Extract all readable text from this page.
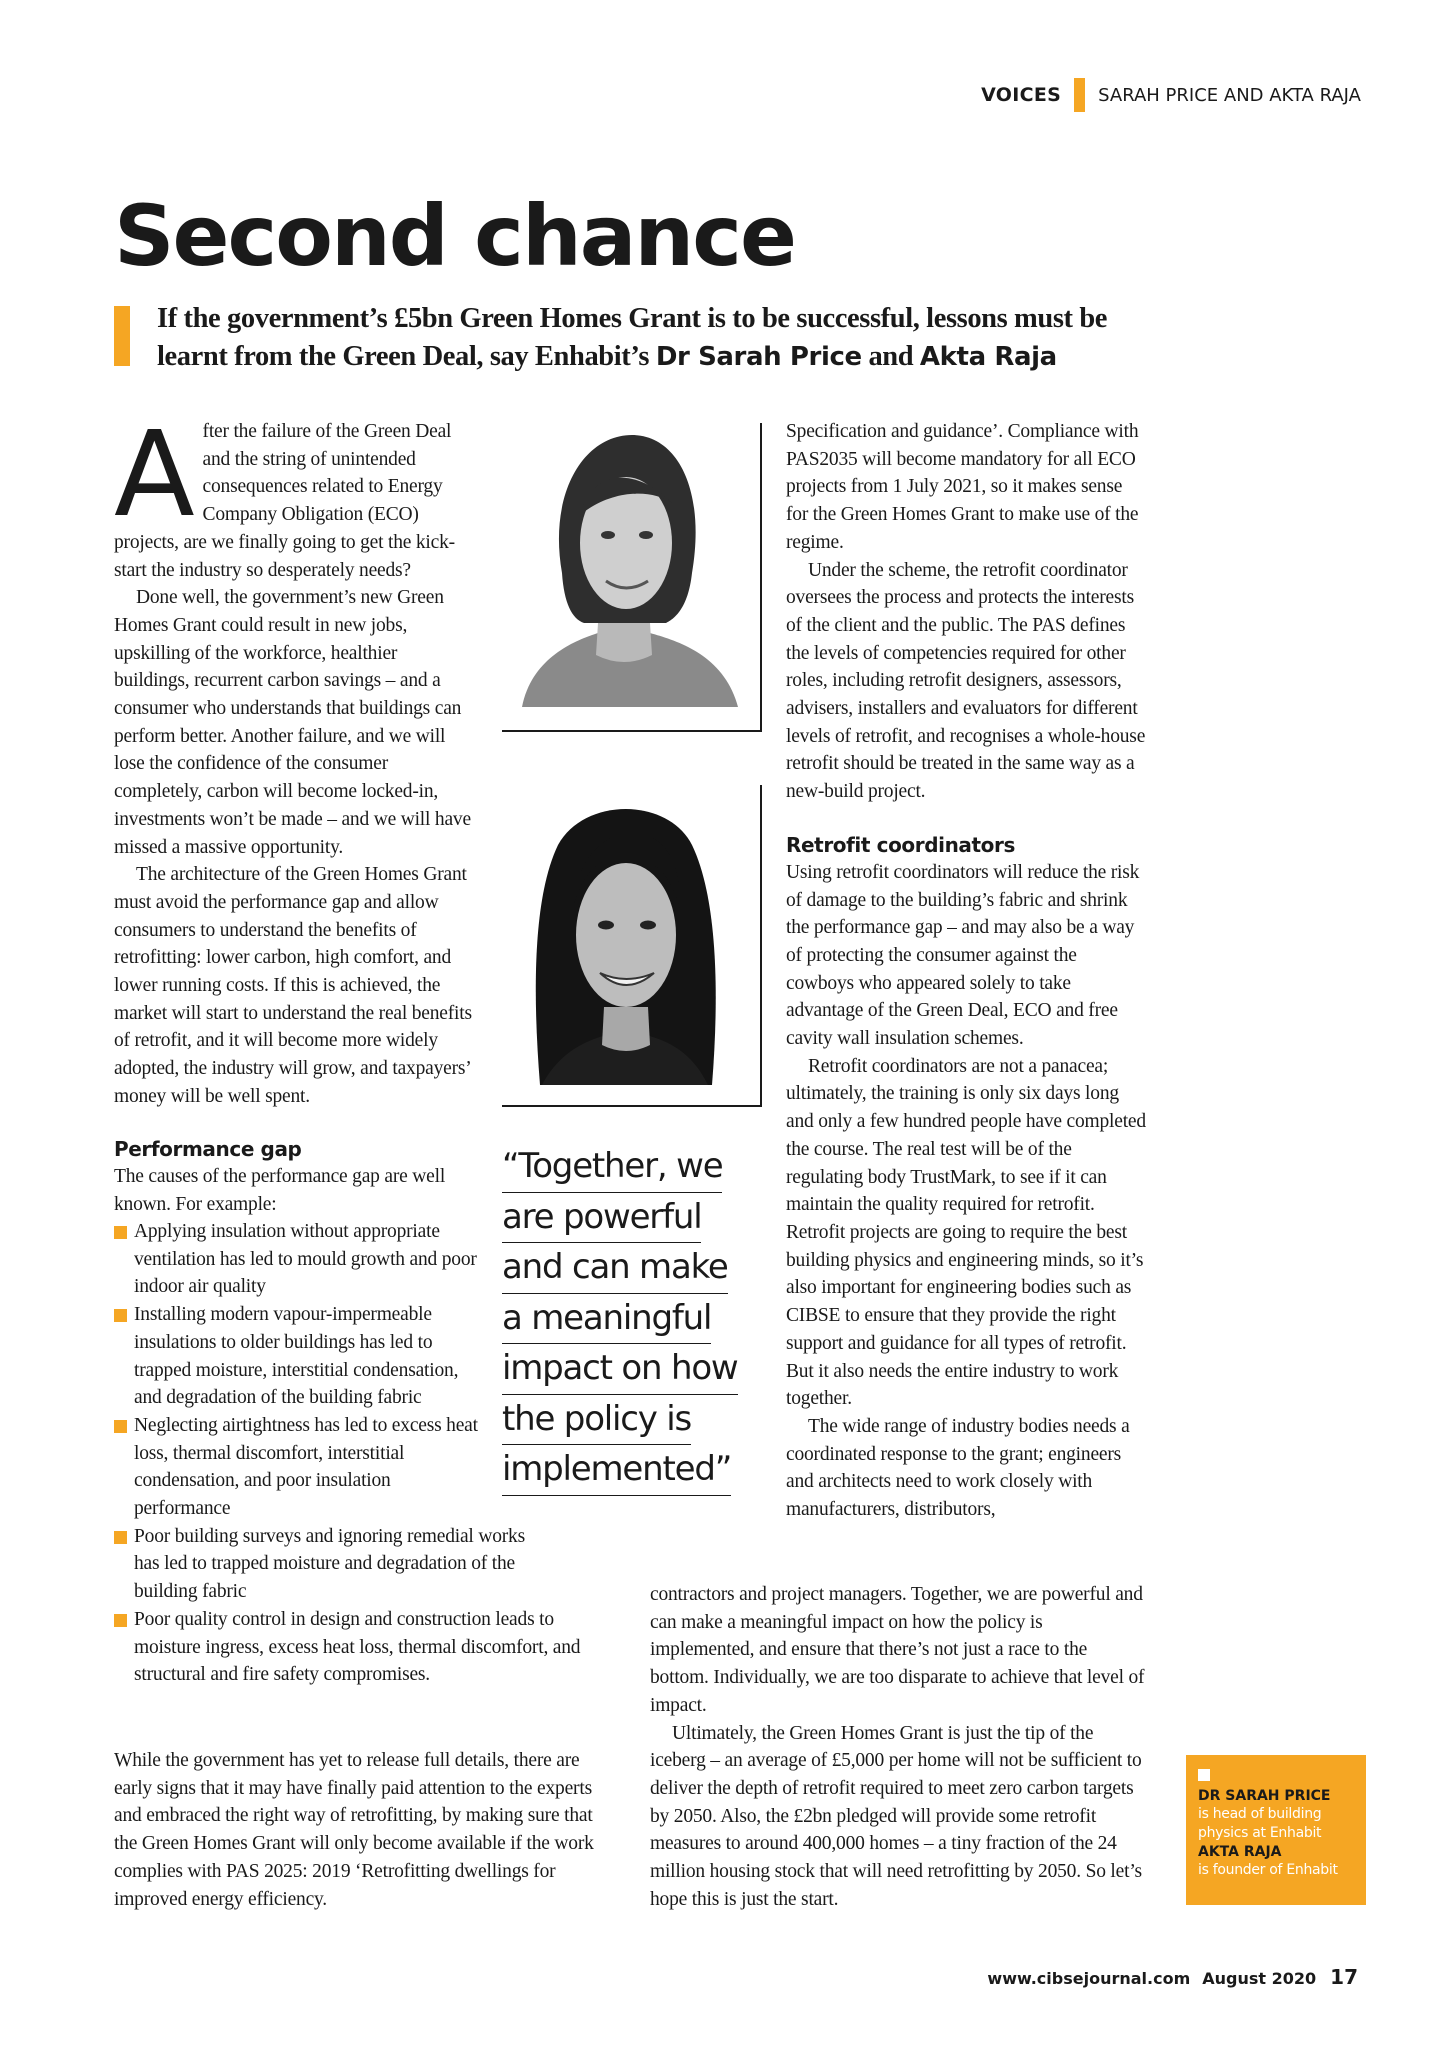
VOICES SARAH PRICE AND AKTA RAJA
Second chance
If the government’s £5bn Green Homes Grant is to be successful, lessons must be learnt from the Green Deal, say Enhabit’s Dr Sarah Price and Akta Raja
A fter the failure of the Green Deal and the string of unintended consequences related to Energy Company Obligation (ECO) projects, are we finally going to get the kick-start the industry so desperately needs?

Done well, the government’s new Green Homes Grant could result in new jobs, upskilling of the workforce, healthier buildings, recurrent carbon savings – and a consumer who understands that buildings can perform better. Another failure, and we will lose the confidence of the consumer completely, carbon will become locked-in, investments won’t be made – and we will have missed a massive opportunity.

The architecture of the Green Homes Grant must avoid the performance gap and allow consumers to understand the benefits of retrofitting: lower carbon, high comfort, and lower running costs. If this is achieved, the market will start to understand the real benefits of retrofit, and it will become more widely adopted, the industry will grow, and taxpayers’ money will be well spent.

Performance gap

The causes of the performance gap are well known. For example:

Applying insulation without appropriate ventilation has led to mould growth and poor indoor air quality
Installing modern vapour-impermeable insulations to older buildings has led to trapped moisture, interstitial condensation, and degradation of the building fabric
Neglecting airtightness has led to excess heat loss, thermal discomfort, interstitial condensation, and poor insulation performance
Poor building surveys and ignoring remedial works has led to trapped moisture and degradation of the building fabric
Poor quality control in design and construction leads to moisture ingress, excess heat loss, thermal discomfort, and structural and fire safety compromises.
While the government has yet to release full details, there are early signs that it may have finally paid attention to the experts and embraced the right way of retrofitting, by making sure that the Green Homes Grant will only become available if the work complies with PAS 2025: 2019 ‘Retrofitting dwellings for improved energy efficiency.
“Together, we
are powerful
and can make
a meaningful
impact on how
the policy is
implemented”

Specification and guidance’. Compliance with PAS2035 will become mandatory for all ECO projects from 1 July 2021, so it makes sense for the Green Homes Grant to make use of the regime.

Under the scheme, the retrofit coordinator oversees the process and protects the interests of the client and the public. The PAS defines the levels of competencies required for other roles, including retrofit designers, assessors, advisers, installers and evaluators for different levels of retrofit, and recognises a whole-house retrofit should be treated in the same way as a new-build project.

Retrofit coordinators

Using retrofit coordinators will reduce the risk of damage to the building’s fabric and shrink the performance gap – and may also be a way of protecting the consumer against the cowboys who appeared solely to take advantage of the Green Deal, ECO and free cavity wall insulation schemes.

Retrofit coordinators are not a panacea; ultimately, the training is only six days long and only a few hundred people have completed the course. The real test will be of the regulating body TrustMark, to see if it can maintain the quality required for retrofit. Retrofit projects are going to require the best building physics and engineering minds, so it’s also important for engineering bodies such as CIBSE to ensure that they provide the right support and guidance for all types of retrofit.

But it also needs the entire industry to work together.

The wide range of industry bodies needs a coordinated response to the grant; engineers and architects need to work closely with manufacturers, distributors,

contractors and project managers. Together, we are powerful and can make a meaningful impact on how the policy is implemented, and ensure that there’s not just a race to the bottom. Individually, we are too disparate to achieve that level of impact.

Ultimately, the Green Homes Grant is just the tip of the iceberg – an average of £5,000 per home will not be sufficient to deliver the depth of retrofit required to meet zero carbon targets by 2050. Also, the £2bn pledged will provide some retrofit measures to around 400,000 homes – a tiny fraction of the 24 million housing stock that will need retrofitting by 2050. So let’s hope this is just the start.

DR SARAH PRICE
is head of building physics at Enhabit
AKTA RAJA
is founder of Enhabit
www.cibsejournal.com August 2020 17
